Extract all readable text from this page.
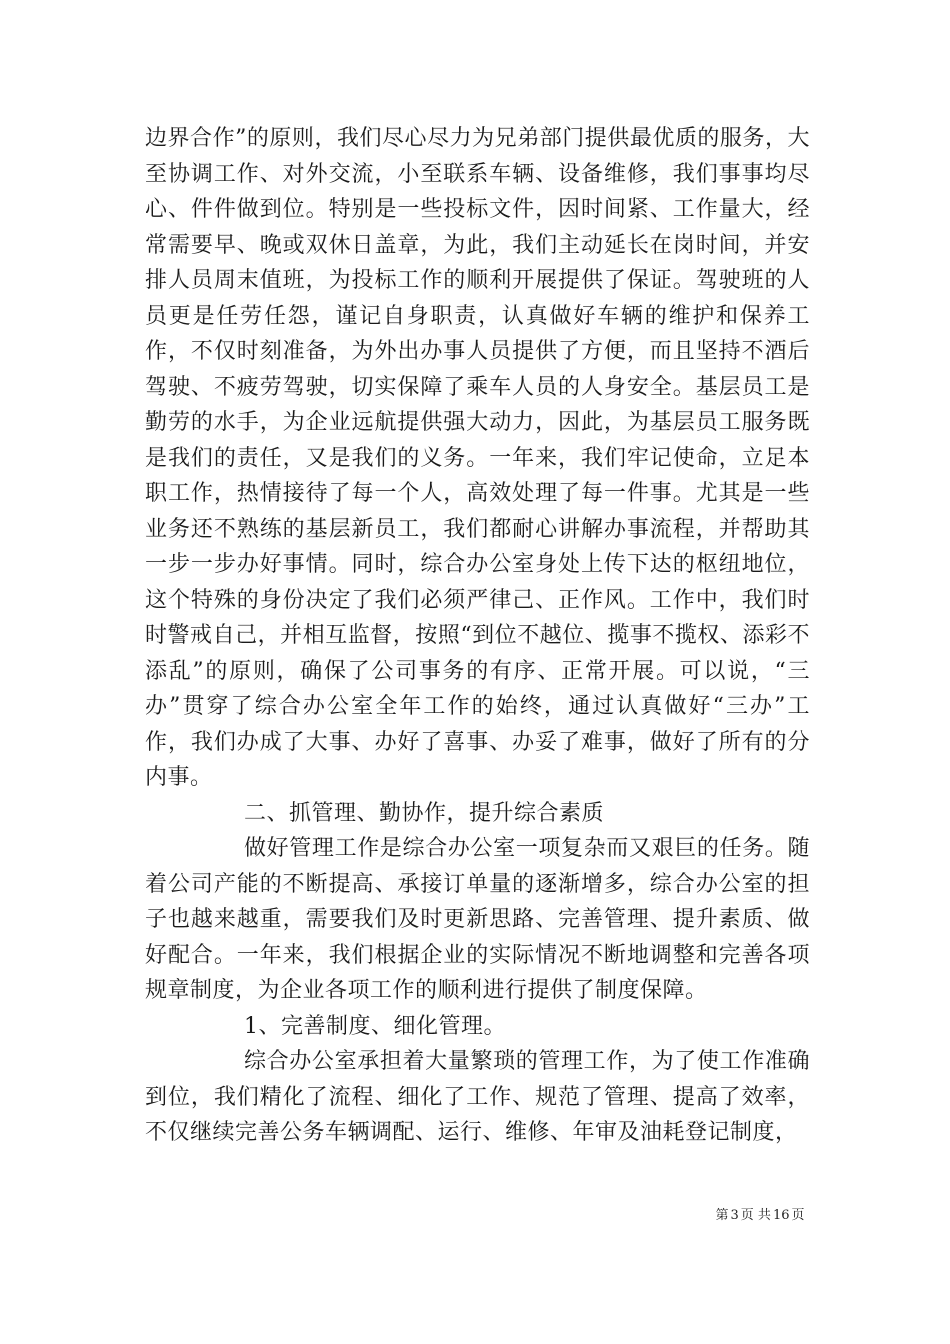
边界合作”的原则，我们尽心尽力为兄弟部门提供最优质的服务，大至协调工作、对外交流，小至联系车辆、设备维修，我们事事均尽心、件件做到位。特别是一些投标文件，因时间紧、工作量大，经常需要早、晚或双休日盖章，为此，我们主动延长在岗时间，并安排人员周末值班，为投标工作的顺利开展提供了保证。驾驶班的人员更是任劳任怨，谨记自身职责，认真做好车辆的维护和保养工作，不仅时刻准备，为外出办事人员提供了方便，而且坚持不酒后驾驶、不疲劳驾驶，切实保障了乘车人员的人身安全。基层员工是勤劳的水手，为企业远航提供强大动力，因此，为基层员工服务既是我们的责任，又是我们的义务。一年来，我们牢记使命，立足本职工作，热情接待了每一个人，高效处理了每一件事。尤其是一些业务还不熟练的基层新员工，我们都耐心讲解办事流程，并帮助其一步一步办好事情。同时，综合办公室身处上传下达的枢纽地位，这个特殊的身份决定了我们必须严律己、正作风。工作中，我们时时警戒自己，并相互监督，按照“到位不越位、揽事不揽权、添彩不添乱”的原则，确保了公司事务的有序、正常开展。可以说，“三办”贯穿了综合办公室全年工作的始终，通过认真做好“三办”工作，我们办成了大事、办好了喜事、办妥了难事，做好了所有的分内事。

二、抓管理、勤协作，提升综合素质

做好管理工作是综合办公室一项复杂而又艰巨的任务。随着公司产能的不断提高、承接订单量的逐渐增多，综合办公室的担子也越来越重，需要我们及时更新思路、完善管理、提升素质、做好配合。一年来，我们根据企业的实际情况不断地调整和完善各项规章制度，为企业各项工作的顺利进行提供了制度保障。

1、完善制度、细化管理。

综合办公室承担着大量繁琐的管理工作，为了使工作准确到位，我们精化了流程、细化了工作、规范了管理、提高了效率，不仅继续完善公务车辆调配、运行、维修、年审及油耗登记制度，

第 3 页 共 16 页
